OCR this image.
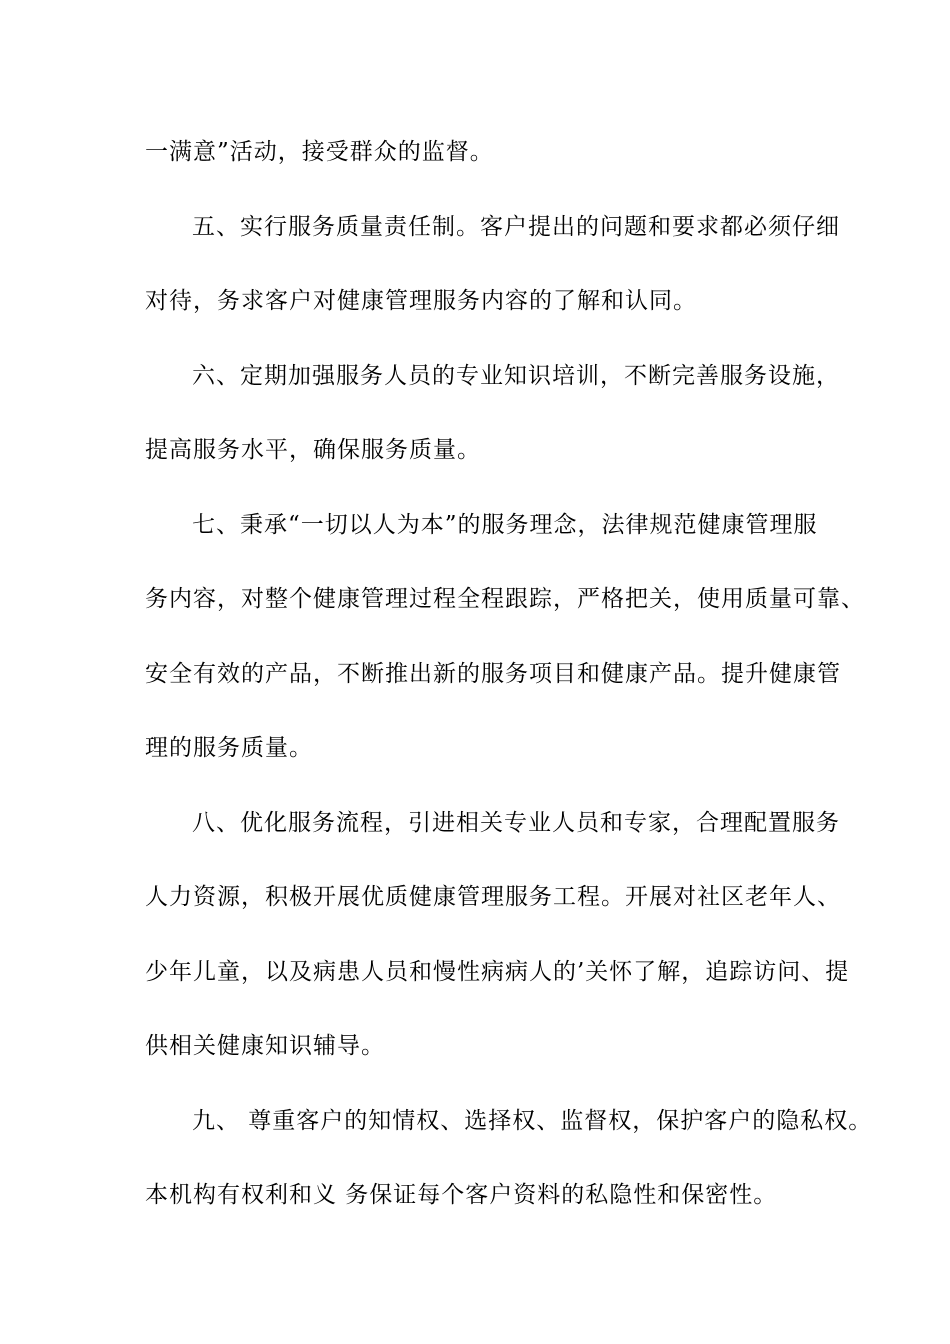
一满意”活动，接受群众的监督。
五、实行服务质量责任制。客户提出的问题和要求都必须仔细
对待，务求客户对健康管理服务内容的了解和认同。
六、定期加强服务人员的专业知识培训，不断完善服务设施，
提高服务水平，确保服务质量。
七、秉承“一切以人为本”的服务理念，法律规范健康管理服
务内容，对整个健康管理过程全程跟踪，严格把关，使用质量可靠、
安全有效的产品，不断推出新的服务项目和健康产品。提升健康管
理的服务质量。
八、优化服务流程，引进相关专业人员和专家，合理配置服务
人力资源，积极开展优质健康管理服务工程。开展对社区老年人、
少年儿童，以及病患人员和慢性病病人的’关怀了解，追踪访问、提
供相关健康知识辅导。
九、 尊重客户的知情权、选择权、监督权，保护客户的隐私权。
本机构有权利和义 务保证每个客户资料的私隐性和保密性。
